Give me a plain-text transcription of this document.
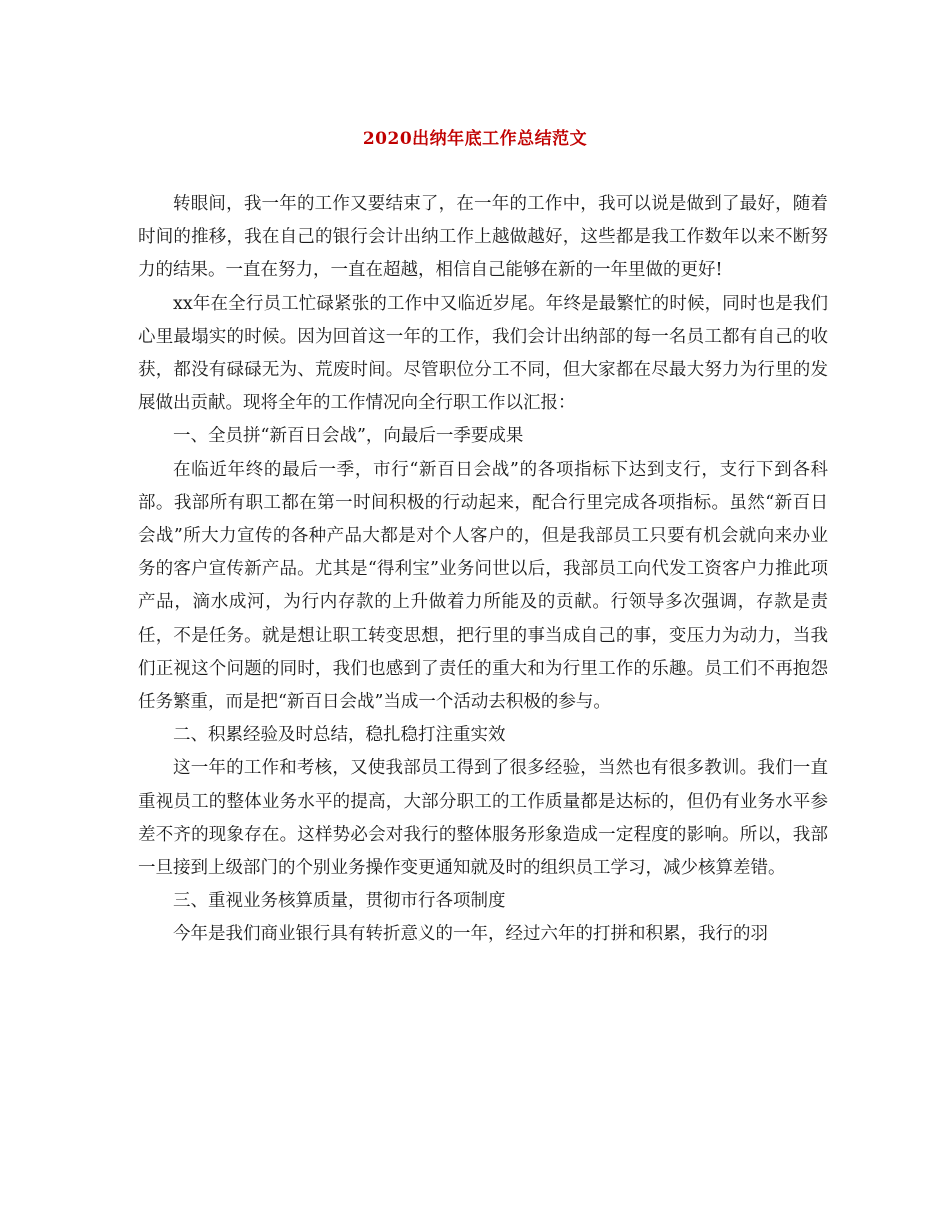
2020出纳年底工作总结范文

转眼间，我一年的工作又要结束了，在一年的工作中，我可以说是做到了最好，随着时间的推移，我在自己的银行会计出纳工作上越做越好，这些都是我工作数年以来不断努力的结果。一直在努力，一直在超越，相信自己能够在新的一年里做的更好!

xx年在全行员工忙碌紧张的工作中又临近岁尾。年终是最繁忙的时候，同时也是我们心里最塌实的时候。因为回首这一年的工作，我们会计出纳部的每一名员工都有自己的收获，都没有碌碌无为、荒废时间。尽管职位分工不同，但大家都在尽最大努力为行里的发展做出贡献。现将全年的工作情况向全行职工作以汇报：

一、全员拼“新百日会战”，向最后一季要成果

在临近年终的最后一季，市行“新百日会战”的各项指标下达到支行，支行下到各科部。我部所有职工都在第一时间积极的行动起来，配合行里完成各项指标。虽然“新百日会战”所大力宣传的各种产品大都是对个人客户的，但是我部员工只要有机会就向来办业务的客户宣传新产品。尤其是“得利宝”业务问世以后，我部员工向代发工资客户力推此项产品，滴水成河，为行内存款的上升做着力所能及的贡献。行领导多次强调，存款是责任，不是任务。就是想让职工转变思想，把行里的事当成自己的事，变压力为动力，当我们正视这个问题的同时，我们也感到了责任的重大和为行里工作的乐趣。员工们不再抱怨任务繁重，而是把“新百日会战”当成一个活动去积极的参与。

二、积累经验及时总结，稳扎稳打注重实效

这一年的工作和考核，又使我部员工得到了很多经验，当然也有很多教训。我们一直重视员工的整体业务水平的提高，大部分职工的工作质量都是达标的，但仍有业务水平参差不齐的现象存在。这样势必会对我行的整体服务形象造成一定程度的影响。所以，我部一旦接到上级部门的个别业务操作变更通知就及时的组织员工学习，减少核算差错。

三、重视业务核算质量，贯彻市行各项制度

今年是我们商业银行具有转折意义的一年，经过六年的打拼和积累，我行的羽
